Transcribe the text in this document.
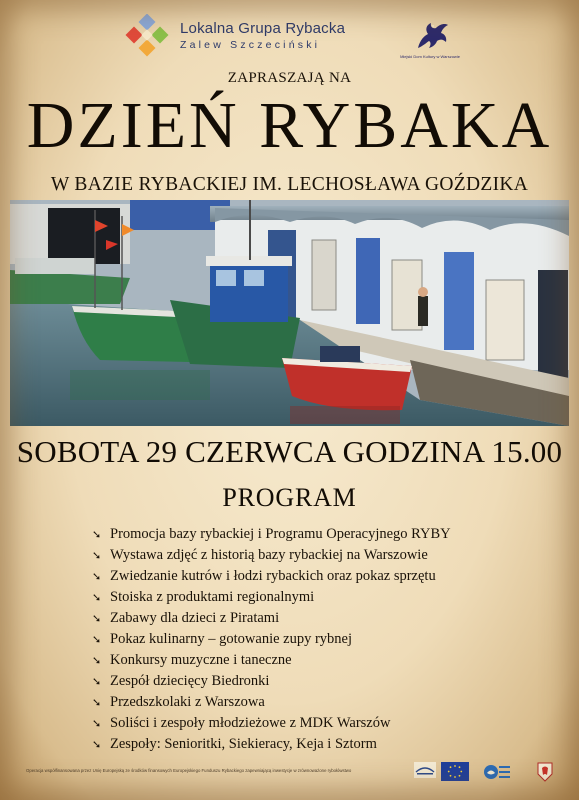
Lokalna Grupa Rybacka
Zalew Szczeciński
Miejski Dom Kultury w Warszowie
ZAPRASZAJĄ NA
DZIEŃ RYBAKA
W BAZIE RYBACKIEJ IM. LECHOSŁAWA GOŹDZIKA
SOBOTA 29 CZERWCA GODZINA 15.00
PROGRAM
➘ Promocja bazy rybackiej i Programu Operacyjnego RYBY
➘ Wystawa zdjęć z historią bazy rybackiej na Warszowie
➘ Zwiedzanie kutrów i łodzi rybackich oraz pokaz sprzętu
➘ Stoiska z produktami regionalnymi
➘ Zabawy dla dzieci z Piratami
➘ Pokaz kulinarny – gotowanie zupy rybnej
➘ Konkursy muzyczne i taneczne
➘ Zespół dziecięcy Biedronki
➘ Przedszkolaki z Warszowa
➘ Soliści i zespoły młodzieżowe z MDK Warszów
➘ Zespoły: Senioritki, Siekieracy, Keja i Sztorm
Operacja współfinansowana przez Unię Europejską ze środków finansowych Europejskiego Funduszu Rybackiego zapewniającą inwestycje w zrównoważone rybołówstwo
